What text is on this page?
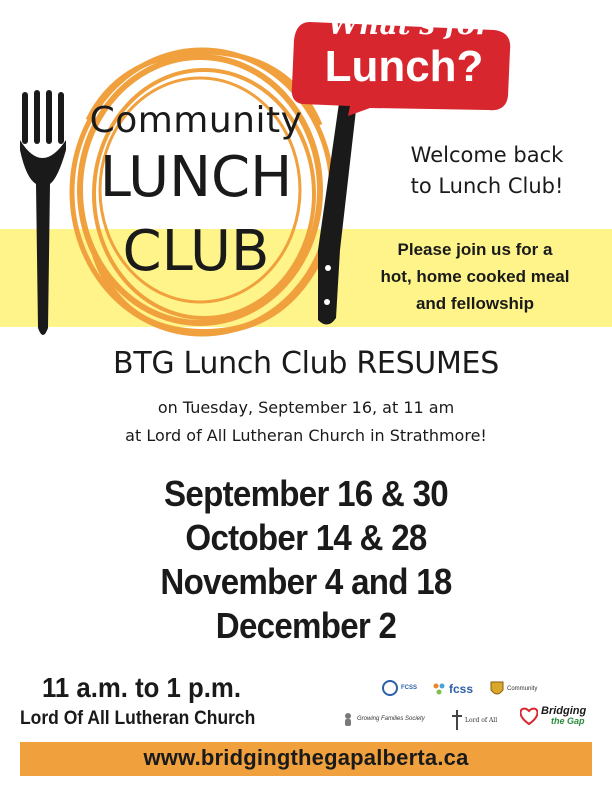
What's for
Lunch?
Community
LUNCH
CLUB
Welcome back
to Lunch Club!
Please join us for a
hot, home cooked meal
and fellowship
BTG Lunch Club RESUMES
on Tuesday, September 16, at 11 am
at Lord of All Lutheran Church in Strathmore!
September 16 & 30
October 14 & 28
November 4 and 18
December 2
11 a.m. to 1 p.m.
Lord Of All Lutheran Church
FCSS	fcss	Community
Growing Families Society	Lord of All
Bridging
the Gap
www.bridgingthegapalberta.ca
